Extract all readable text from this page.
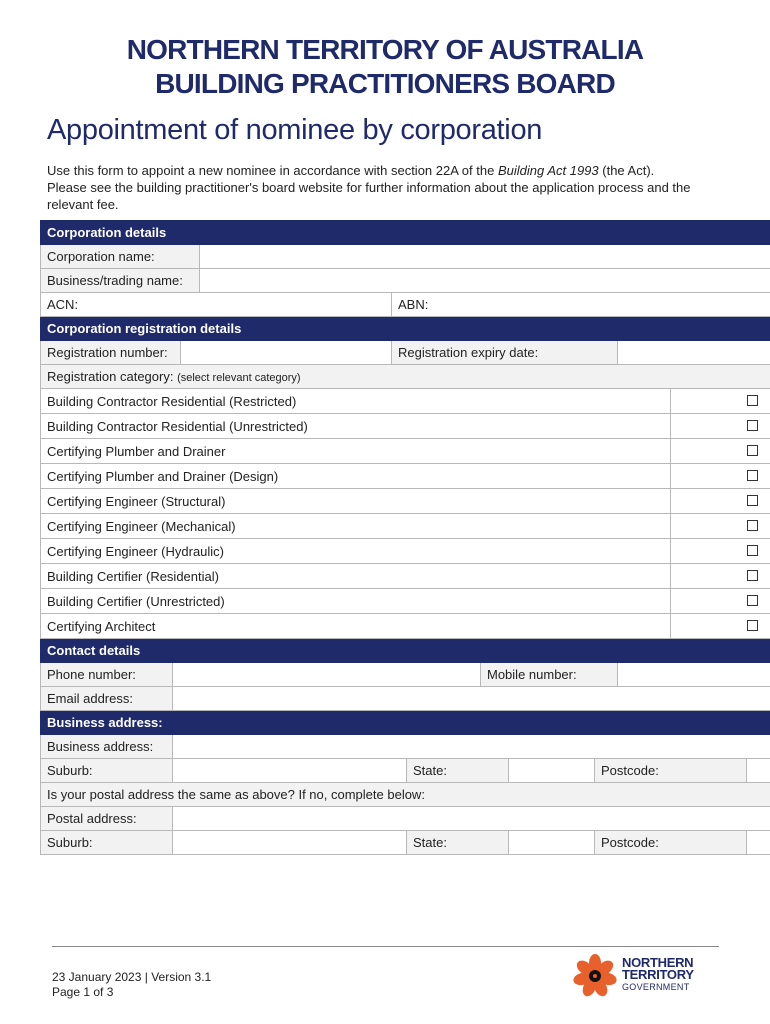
NORTHERN TERRITORY OF AUSTRALIA
BUILDING PRACTITIONERS BOARD
Appointment of nominee by corporation

Use this form to appoint a new nominee in accordance with section 22A of the Building Act 1993 (the Act).

Please see the building practitioner's board website for further information about the application process and the relevant fee.

Corporation details											
Corporation name:											
Business/trading name:											
ACN:				ABN:							
Corporation registration details											
Registration number:				Registration expiry date:							
Registration category: (select relevant category)											
Building Contractor Residential (Restricted)											
Building Contractor Residential (Unrestricted)											
Certifying Plumber and Drainer											
Certifying Plumber and Drainer (Design)											
Certifying Engineer (Structural)											
Certifying Engineer (Mechanical)											
Certifying Engineer (Hydraulic)											
Building Certifier (Residential)											
Building Certifier (Unrestricted)											
Certifying Architect											
Contact details											
Phone number:						Mobile number:					
Email address:											
Business address:											
Business address:											
Suburb:					State:			Postcode:			
Is your postal address the same as above? If no, complete below:											
Postal address:											
Suburb:					State:			Postcode:			
23 January 2023 | Version 3.1
Page 1 of 3
NORTHERN
TERRITORY
GOVERNMENT
